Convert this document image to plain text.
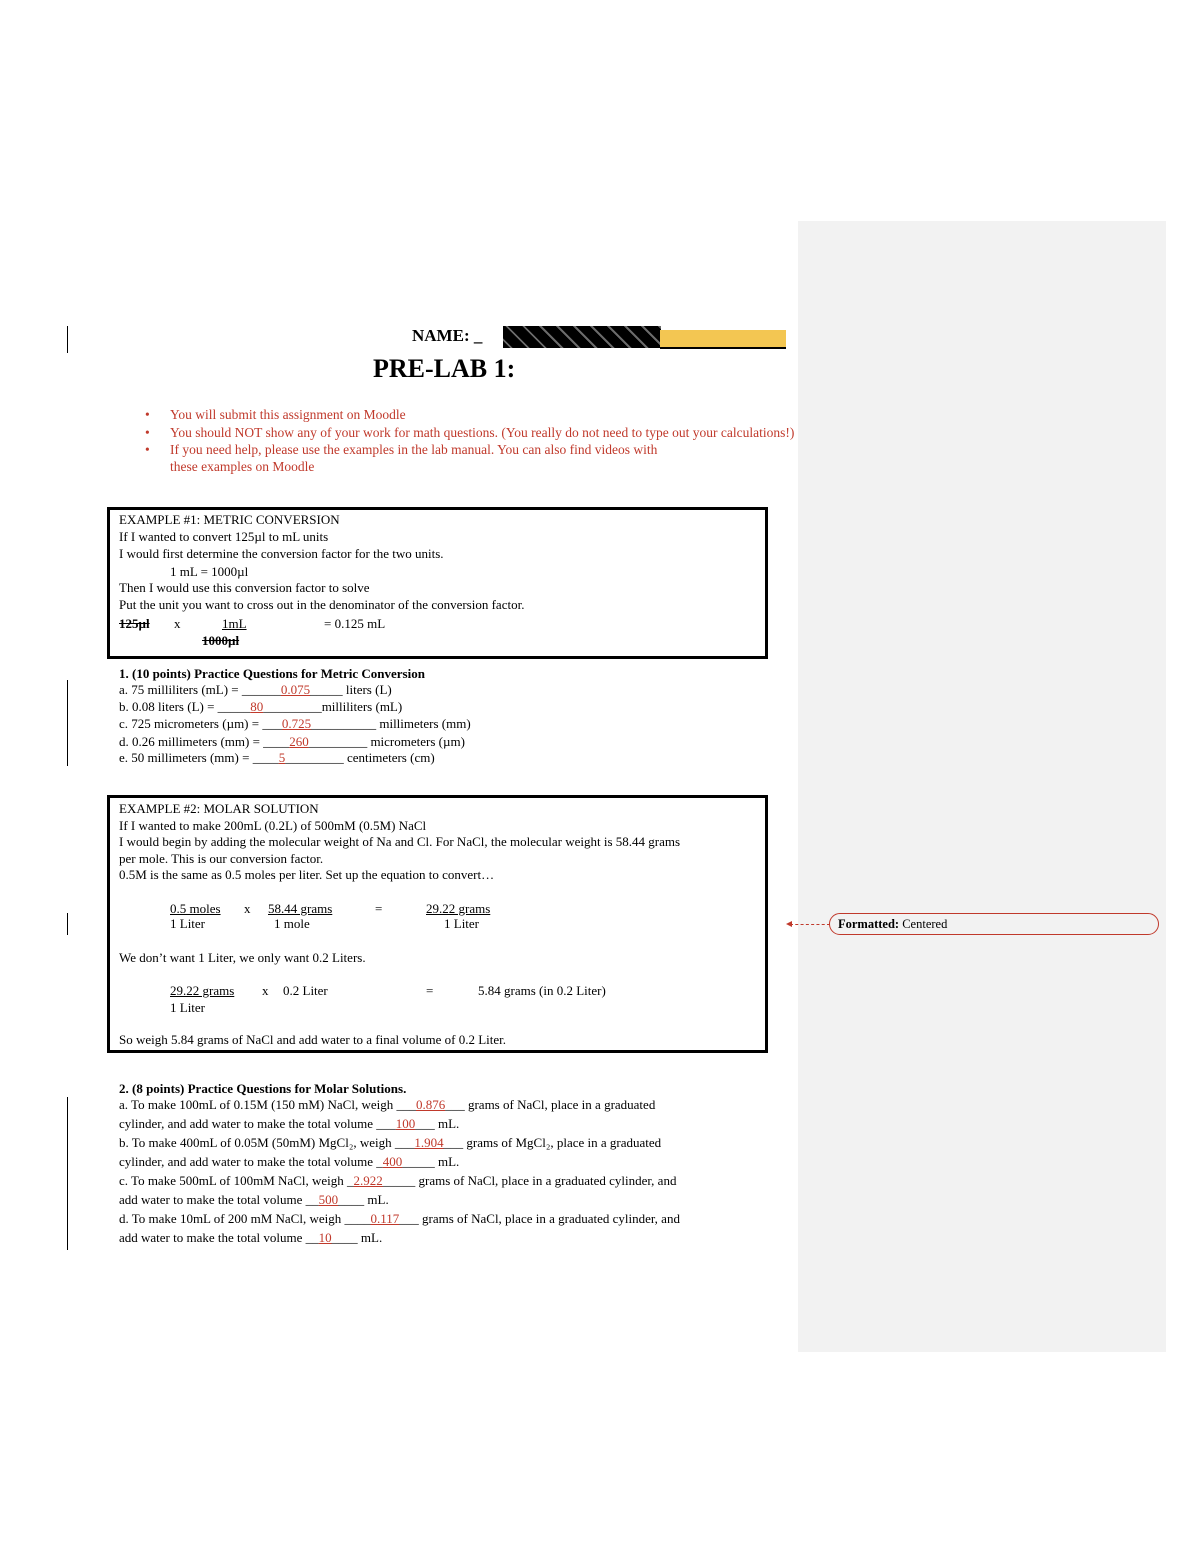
NAME: _
PRE-LAB 1:
• You will submit this assignment on Moodle
• You should NOT show any of your work for math questions. (You really do not need to type out your calculations!)
• If you need help, please use the examples in the lab manual. You can also find videos with these examples on Moodle
EXAMPLE #1: METRIC CONVERSION
If I wanted to convert 125µl to mL units
I would first determine the conversion factor for the two units.
1 mL = 1000µl
Then I would use this conversion factor to solve
Put the unit you want to cross out in the denominator of the conversion factor.
125µl x	1mL
1000µl
= 0.125 mL
1. (10 points) Practice Questions for Metric Conversion
a. 75 milliliters (mL) = ______0.075_____ liters (L)
b. 0.08 liters (L) = _____80_________milliliters (mL)
c. 725 micrometers (µm) = ___0.725__________ millimeters (mm)
d. 0.26 millimeters (mm) = ____260_________ micrometers (µm)
e. 50 millimeters (mm) = ____5_________ centimeters (cm)
EXAMPLE #2: MOLAR SOLUTION
If I wanted to make 200mL (0.2L) of 500mM (0.5M) NaCl
I would begin by adding the molecular weight of Na and Cl. For NaCl, the molecular weight is 58.44 grams
per mole. This is our conversion factor.
0.5M is the same as 0.5 moles per liter. Set up the equation to convert…
0.5 moles
1 Liter
x 58.44 grams
1 mole
=	29.22 grams
1 Liter
We don’t want 1 Liter, we only want 0.2 Liters.
29.22 grams
1 Liter
x 0.2 Liter	=	5.84 grams (in 0.2 Liter)
So weigh 5.84 grams of NaCl and add water to a final volume of 0.2 Liter.
2. (8 points) Practice Questions for Molar Solutions.
a. To make 100mL of 0.15M (150 mM) NaCl, weigh ___0.876___ grams of NaCl, place in a graduated
cylinder, and add water to make the total volume ___100___ mL.
b. To make 400mL of 0.05M (50mM) MgCl₂, weigh ___1.904___ grams of MgCl₂, place in a graduated
cylinder, and add water to make the total volume _400_____ mL.
c. To make 500mL of 100mM NaCl, weigh _2.922_____ grams of NaCl, place in a graduated cylinder, and
add water to make the total volume __500____ mL.
d. To make 10mL of 200 mM NaCl, weigh ____0.117___ grams of NaCl, place in a graduated cylinder, and
add water to make the total volume __10____ mL.
Formatted: Centered
